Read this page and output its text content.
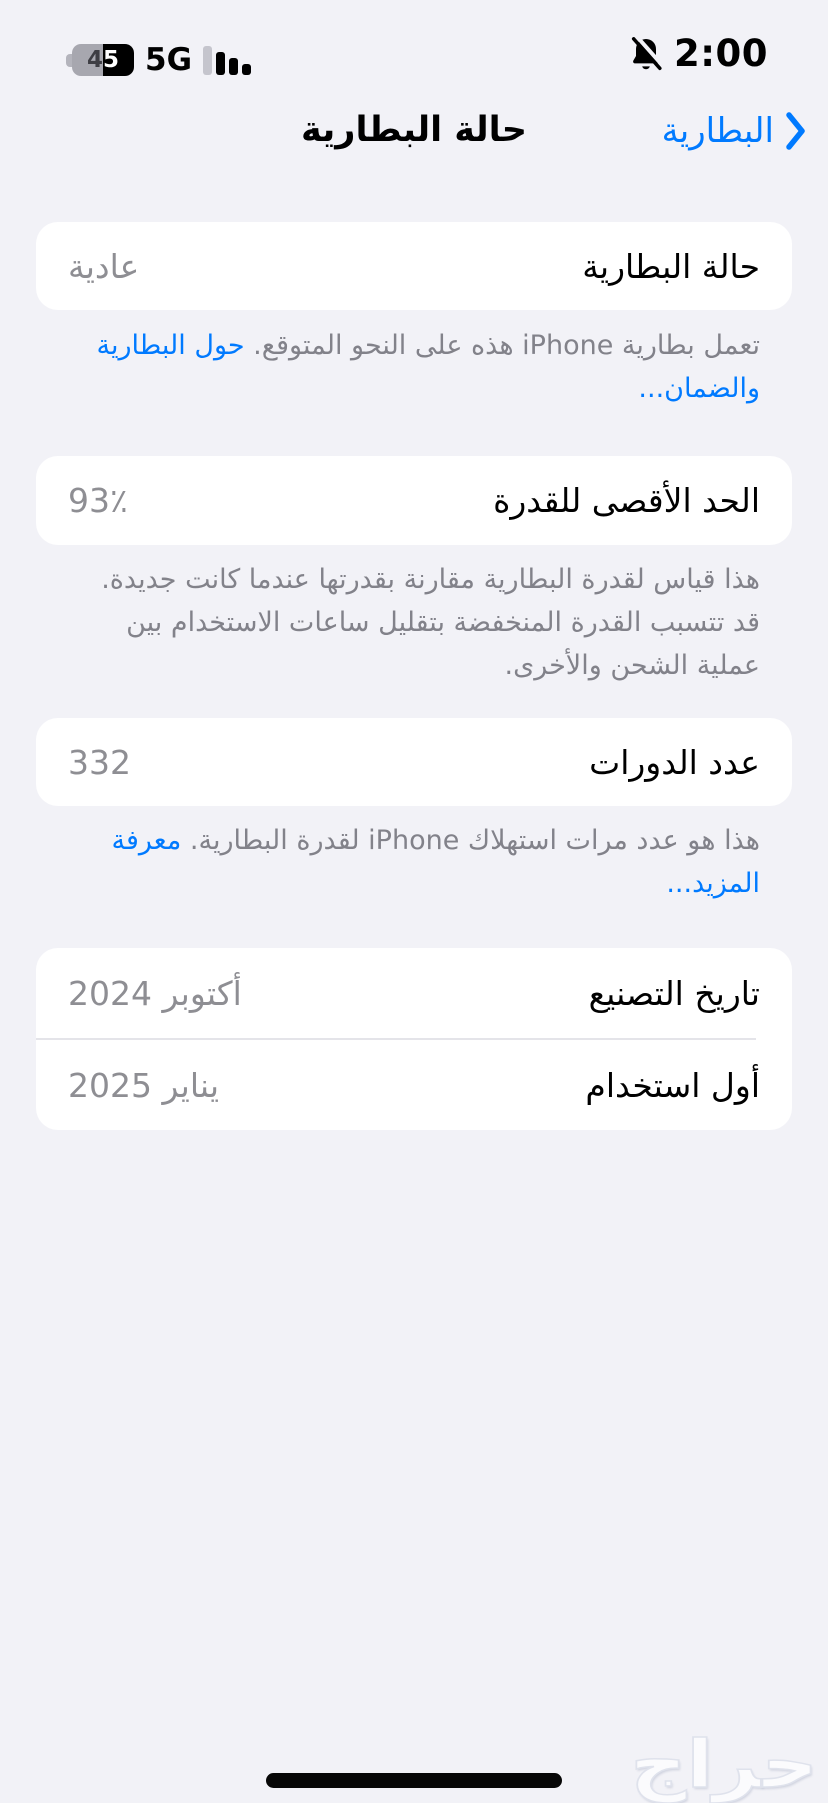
4 5 5G	2:00
حالة البطارية	البطارية
حالة البطارية
عادية
تعمل بطارية iPhone هذه على النحو المتوقع. حول البطارية والضمان...
الحد الأقصى للقدرة
93٪
هذا قياس لقدرة البطارية مقارنة بقدرتها عندما كانت جديدة. قد تتسبب القدرة المنخفضة بتقليل ساعات الاستخدام بين عملية الشحن والأخرى.
عدد الدورات
332
هذا هو عدد مرات استهلاك iPhone لقدرة البطارية. معرفة المزيد...
تاريخ التصنيع
أكتوبر 2024
أول استخدام
يناير 2025
حراج
